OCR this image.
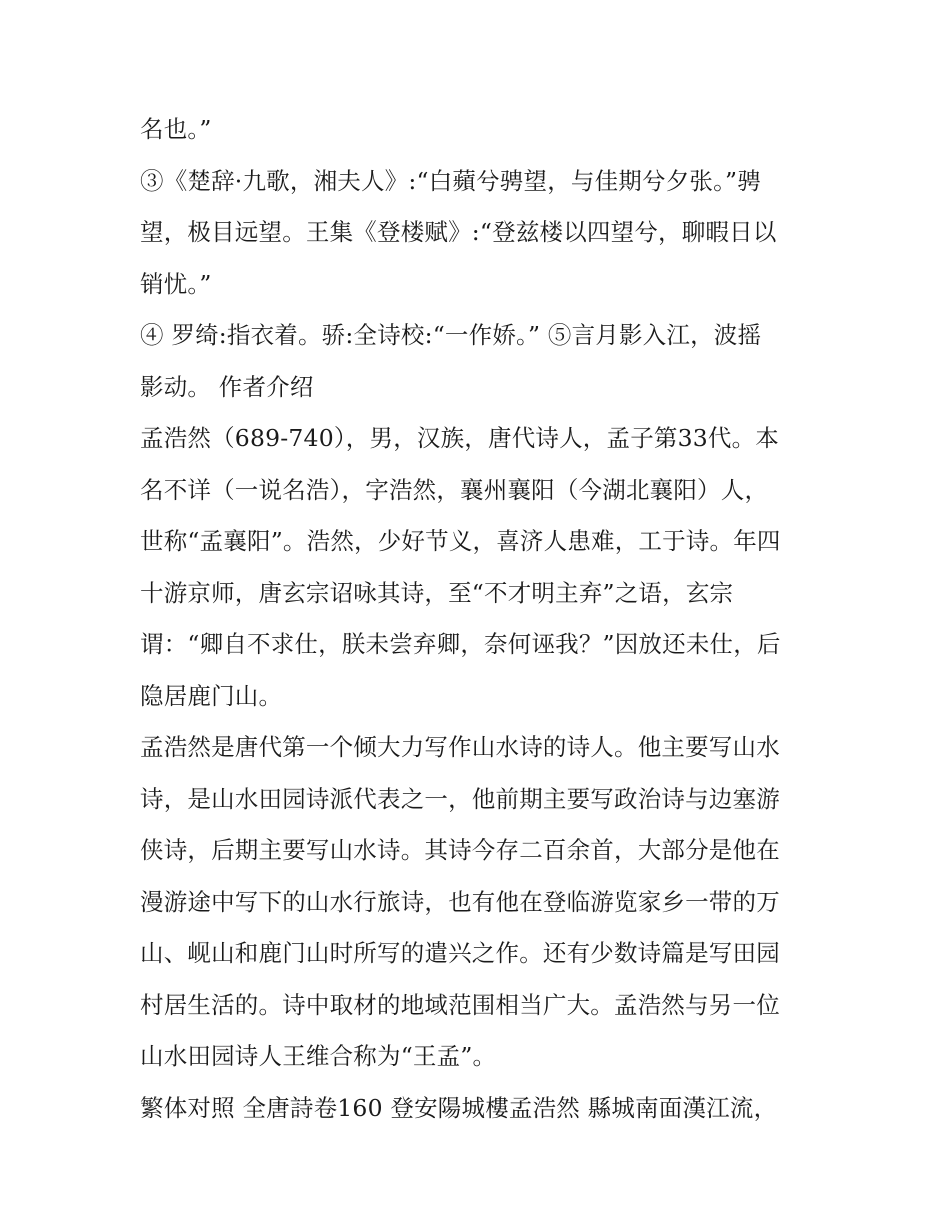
名也。”
③《楚辞·九歌，湘夫人》:“白蘋兮骋望，与佳期兮夕张。”骋
望，极目远望。王集《登楼赋》:“登兹楼以四望兮，聊暇日以
销忧。”
④ 罗绮:指衣着。骄:全诗校:“一作娇。” ⑤言月影入江，波摇
影动。 作者介绍
孟浩然（689-740），男，汉族，唐代诗人，孟子第33代。本
名不详（一说名浩），字浩然，襄州襄阳（今湖北襄阳）人，
世称“孟襄阳”。浩然，少好节义，喜济人患难，工于诗。年四
十游京师，唐玄宗诏咏其诗，至“不才明主弃”之语，玄宗
谓：“卿自不求仕，朕未尝弃卿，奈何诬我？”因放还未仕，后
隐居鹿门山。
孟浩然是唐代第一个倾大力写作山水诗的诗人。他主要写山水
诗，是山水田园诗派代表之一，他前期主要写政治诗与边塞游
侠诗，后期主要写山水诗。其诗今存二百余首，大部分是他在
漫游途中写下的山水行旅诗，也有他在登临游览家乡一带的万
山、岘山和鹿门山时所写的遣兴之作。还有少数诗篇是写田园
村居生活的。诗中取材的地域范围相当广大。孟浩然与另一位
山水田园诗人王维合称为“王孟”。
繁体对照 全唐詩卷160 登安陽城樓孟浩然 縣城南面漢江流，
